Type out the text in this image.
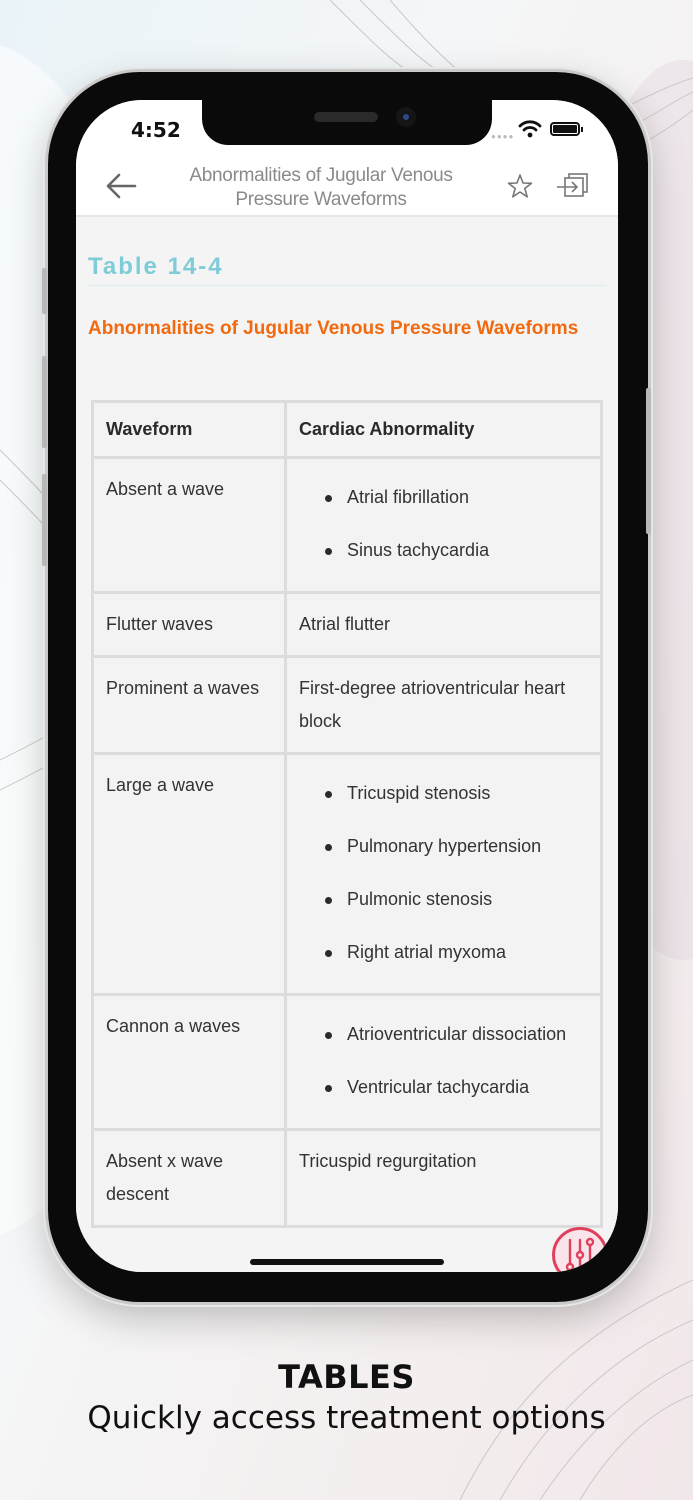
4:52	●●●●
Abnormalities of Jugular Venous Pressure Waveforms
Table 14-4
Abnormalities of Jugular Venous Pressure Waveforms
Waveform	Cardiac Abnormality
Absent a wave	Atrial fibrillation
Sinus tachycardia

Flutter waves	Atrial flutter
Prominent a waves	First-degree atrioventricular heart block
Large a wave	Tricuspid stenosis
Pulmonary hypertension
Pulmonic stenosis
Right atrial myxoma

Cannon a waves	Atrioventricular dissociation
Ventricular tachycardia

Absent x wave descent	Tricuspid regurgitation
TABLES
Quickly access treatment options
